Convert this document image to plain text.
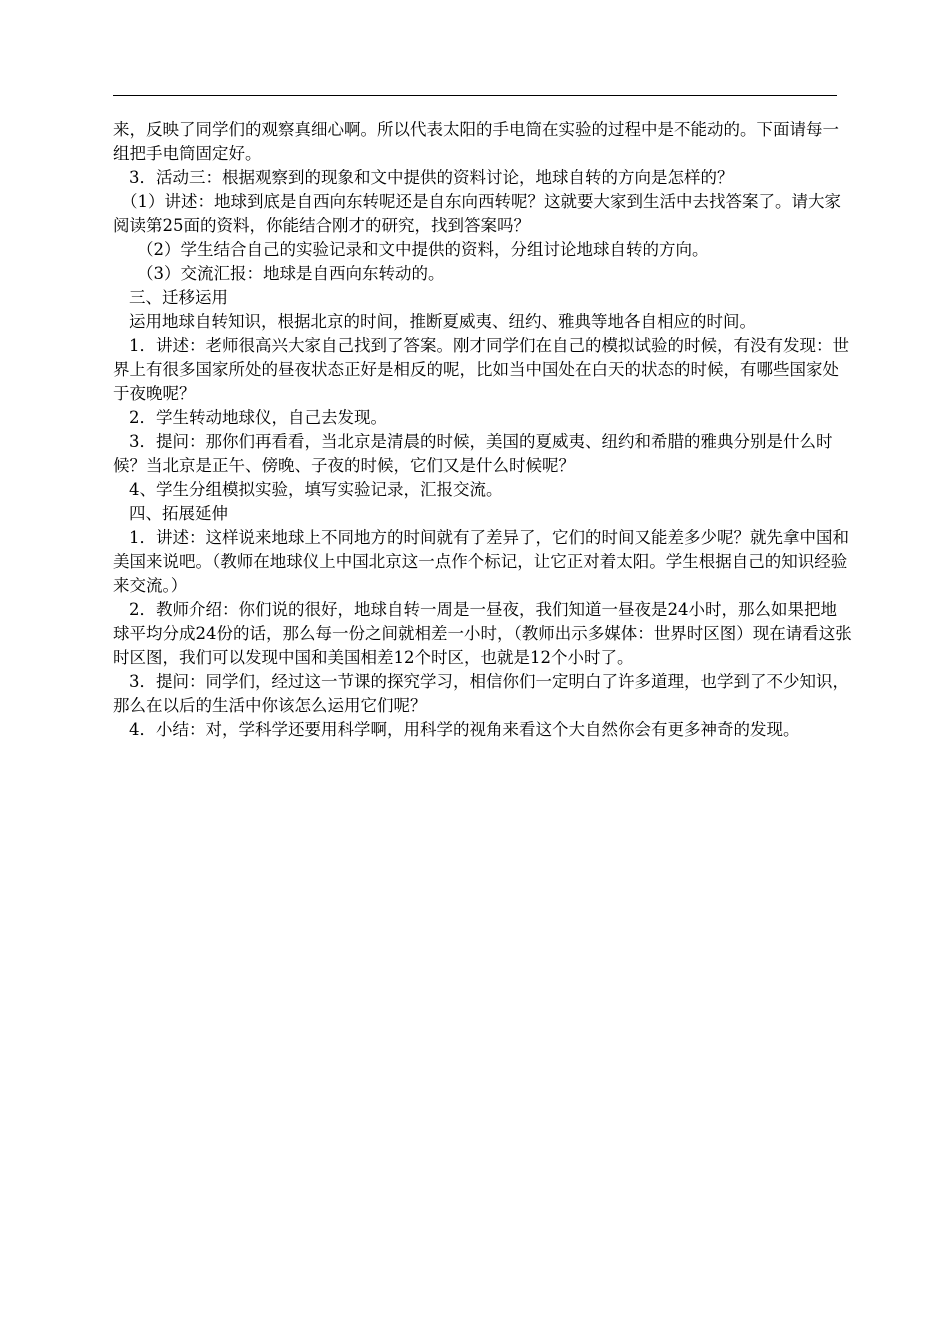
来，反映了同学们的观察真细心啊。所以代表太阳的手电筒在实验的过程中是不能动的。下面请每一组把手电筒固定好。

3．活动三：根据观察到的现象和文中提供的资料讨论，地球自转的方向是怎样的？

（1）讲述：地球到底是自西向东转呢还是自东向西转呢？这就要大家到生活中去找答案了。请大家阅读第25面的资料，你能结合刚才的研究，找到答案吗？

（2）学生结合自己的实验记录和文中提供的资料，分组讨论地球自转的方向。

（3）交流汇报：地球是自西向东转动的。

三、迁移运用

运用地球自转知识，根据北京的时间，推断夏威夷、纽约、雅典等地各自相应的时间。

1．讲述：老师很高兴大家自己找到了答案。刚才同学们在自己的模拟试验的时候，有没有发现：世界上有很多国家所处的昼夜状态正好是相反的呢，比如当中国处在白天的状态的时候，有哪些国家处于夜晚呢？

2．学生转动地球仪，自己去发现。

3．提问：那你们再看看，当北京是清晨的时候，美国的夏威夷、纽约和希腊的雅典分别是什么时候？当北京是正午、傍晚、子夜的时候，它们又是什么时候呢？

4、学生分组模拟实验，填写实验记录，汇报交流。

四、拓展延伸

1．讲述：这样说来地球上不同地方的时间就有了差异了，它们的时间又能差多少呢？就先拿中国和美国来说吧。（教师在地球仪上中国北京这一点作个标记，让它正对着太阳。学生根据自己的知识经验来交流。）

2．教师介绍：你们说的很好，地球自转一周是一昼夜，我们知道一昼夜是24小时，那么如果把地球平均分成24份的话，那么每一份之间就相差一小时，（教师出示多媒体：世界时区图）现在请看这张时区图，我们可以发现中国和美国相差12个时区，也就是12个小时了。

3．提问：同学们，经过这一节课的探究学习，相信你们一定明白了许多道理，也学到了不少知识，那么在以后的生活中你该怎么运用它们呢？

4．小结：对，学科学还要用科学啊，用科学的视角来看这个大自然你会有更多神奇的发现。
